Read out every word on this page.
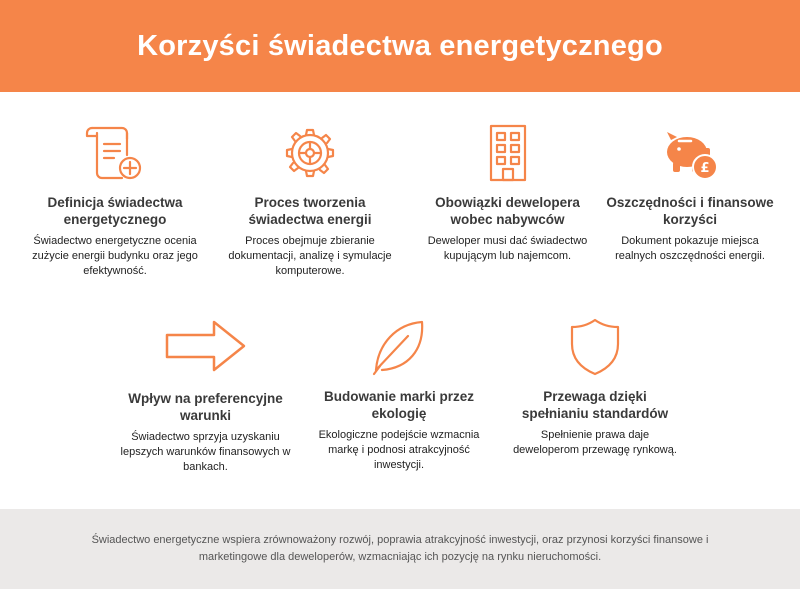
Korzyści świadectwa energetycznego
Definicja świadectwa energetycznego
Świadectwo energetyczne ocenia zużycie energii budynku oraz jego efektywność.
Proces tworzenia świadectwa energii
Proces obejmuje zbieranie dokumentacji, analizę i symulacje komputerowe.
Obowiązki dewelopera wobec nabywców
Deweloper musi dać świadectwo kupującym lub najemcom.
£
Oszczędności i finansowe korzyści
Dokument pokazuje miejsca realnych oszczędności energii.
Wpływ na preferencyjne warunki
Świadectwo sprzyja uzyskaniu lepszych warunków finansowych w bankach.
Budowanie marki przez ekologię
Ekologiczne podejście wzmacnia markę i podnosi atrakcyjność inwestycji.
Przewaga dzięki spełnianiu standardów
Spełnienie prawa daje deweloperom przewagę rynkową.

Świadectwo energetyczne wspiera zrównoważony rozwój, poprawia atrakcyjność inwestycji, oraz przynosi korzyści finansowe i marketingowe dla deweloperów, wzmacniając ich pozycję na rynku nieruchomości.
